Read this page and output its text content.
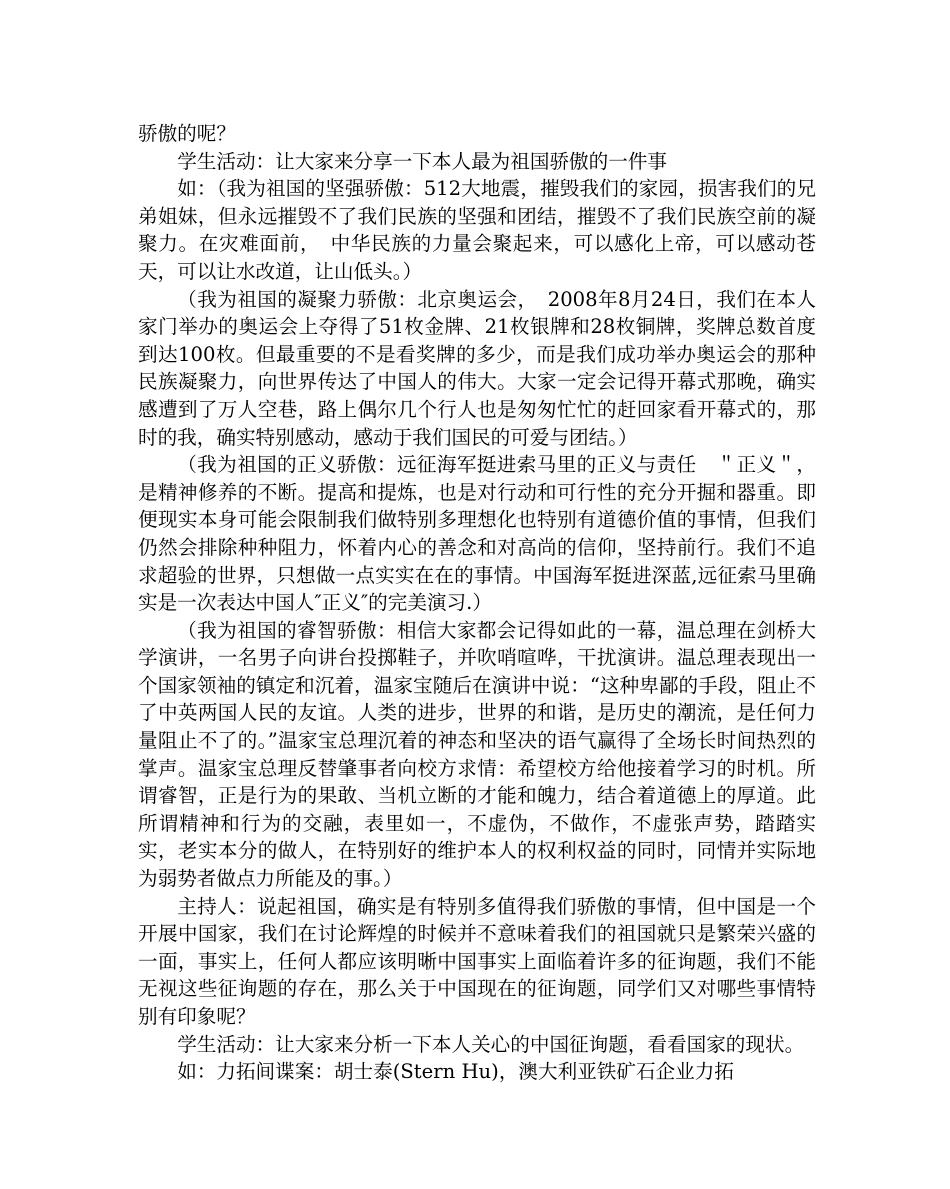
骄傲的呢？

学生活动：让大家来分享一下本人最为祖国骄傲的一件事

如：（我为祖国的坚强骄傲：512大地震，摧毁我们的家园，损害我们的兄弟姐妹，但永远摧毁不了我们民族的坚强和团结，摧毁不了我们民族空前的凝聚力。在灾难面前，　中华民族的力量会聚起来，可以感化上帝，可以感动苍天，可以让水改道，让山低头。）

（我为祖国的凝聚力骄傲：北京奥运会，　2008年8月24日，我们在本人家门举办的奥运会上夺得了51枚金牌、21枚银牌和28枚铜牌，奖牌总数首度到达100枚。但最重要的不是看奖牌的多少，而是我们成功举办奥运会的那种民族凝聚力，向世界传达了中国人的伟大。大家一定会记得开幕式那晚，确实感遭到了万人空巷，路上偶尔几个行人也是匆匆忙忙的赶回家看开幕式的，那时的我，确实特别感动，感动于我们国民的可爱与团结。）

（我为祖国的正义骄傲：远征海军挺进索马里的正义与责任　＂正义＂，是精神修养的不断。提高和提炼，也是对行动和可行性的充分开掘和器重。即便现实本身可能会限制我们做特别多理想化也特别有道德价值的事情，但我们仍然会排除种种阻力，怀着内心的善念和对高尚的信仰，坚持前行。我们不追求超验的世界，只想做一点实实在在的事情。中国海军挺进深蓝,远征索马里确实是一次表达中国人″正义″的完美演习.）

（我为祖国的睿智骄傲：相信大家都会记得如此的一幕，温总理在剑桥大学演讲，一名男子向讲台投掷鞋子，并吹哨喧哗，干扰演讲。温总理表现出一个国家领袖的镇定和沉着，温家宝随后在演讲中说：“这种卑鄙的手段，阻止不了中英两国人民的友谊。人类的进步，世界的和谐，是历史的潮流，是任何力量阻止不了的。”温家宝总理沉着的神态和坚决的语气赢得了全场长时间热烈的掌声。温家宝总理反替肇事者向校方求情：希望校方给他接着学习的时机。所谓睿智，正是行为的果敢、当机立断的才能和魄力，结合着道德上的厚道。此所谓精神和行为的交融，表里如一，不虚伪，不做作，不虚张声势，踏踏实实，老实本分的做人，在特别好的维护本人的权利权益的同时，同情并实际地为弱势者做点力所能及的事。）

主持人：说起祖国，确实是有特别多值得我们骄傲的事情，但中国是一个开展中国家，我们在讨论辉煌的时候并不意味着我们的祖国就只是繁荣兴盛的一面，事实上，任何人都应该明晰中国事实上面临着许多的征询题，我们不能无视这些征询题的存在，那么关于中国现在的征询题，同学们又对哪些事情特别有印象呢？

学生活动：让大家来分析一下本人关心的中国征询题，看看国家的现状。

如：力拓间谍案：胡士泰(Stern Hu)，澳大利亚铁矿石企业力拓
